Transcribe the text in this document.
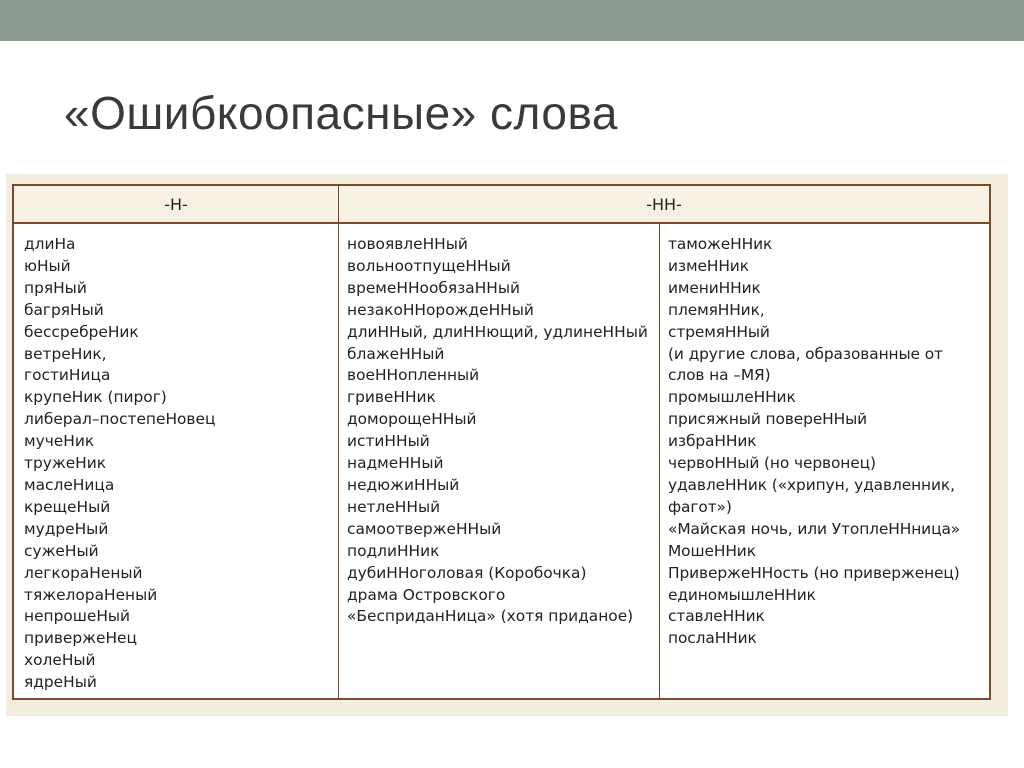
«Ошибкоопасные» слова
-Н-	-НН-
длиНа
юНый
пряНый
багряНый
бессребреНик
ветреНик,
гостиНица
крупеНик (пирог)
либерал–постепеНовец
мучеНик
тружеНик
маслеНица
крещеНый
мудреНый
сужеНый
легкораНеный
тяжелораНеный
непрошеНый
привержеНец
холеНый
ядреНый
новоявлеННый
вольноотпущеННый
времеННообязаННый
незакоННорождеННый
длиННый, длиННющий, удлинеННый
блажеННый
воеННопленный
гривеННик
доморощеННый
истиННый
надмеННый
недюжиННый
нетлеННый
самоотвержеННый
подлиННик
дубиННоголовая (Коробочка)
драма Островского
«БесприданНица» (хотя приданое)
таможеННик
измеННик
имениННик
племяННик,
стремяННый
(и другие слова, образованные от
слов на –МЯ)
промышлеННик
присяжный повереННый
избраННик
червоННый (но червонец)
удавлеННик («хрипун, удавленник,
фагот»)
«Майская ночь, или УтоплеННница»
МошеННик
ПривержеННость (но приверженец)
единомышлеННик
ставлеННик
послаННик
